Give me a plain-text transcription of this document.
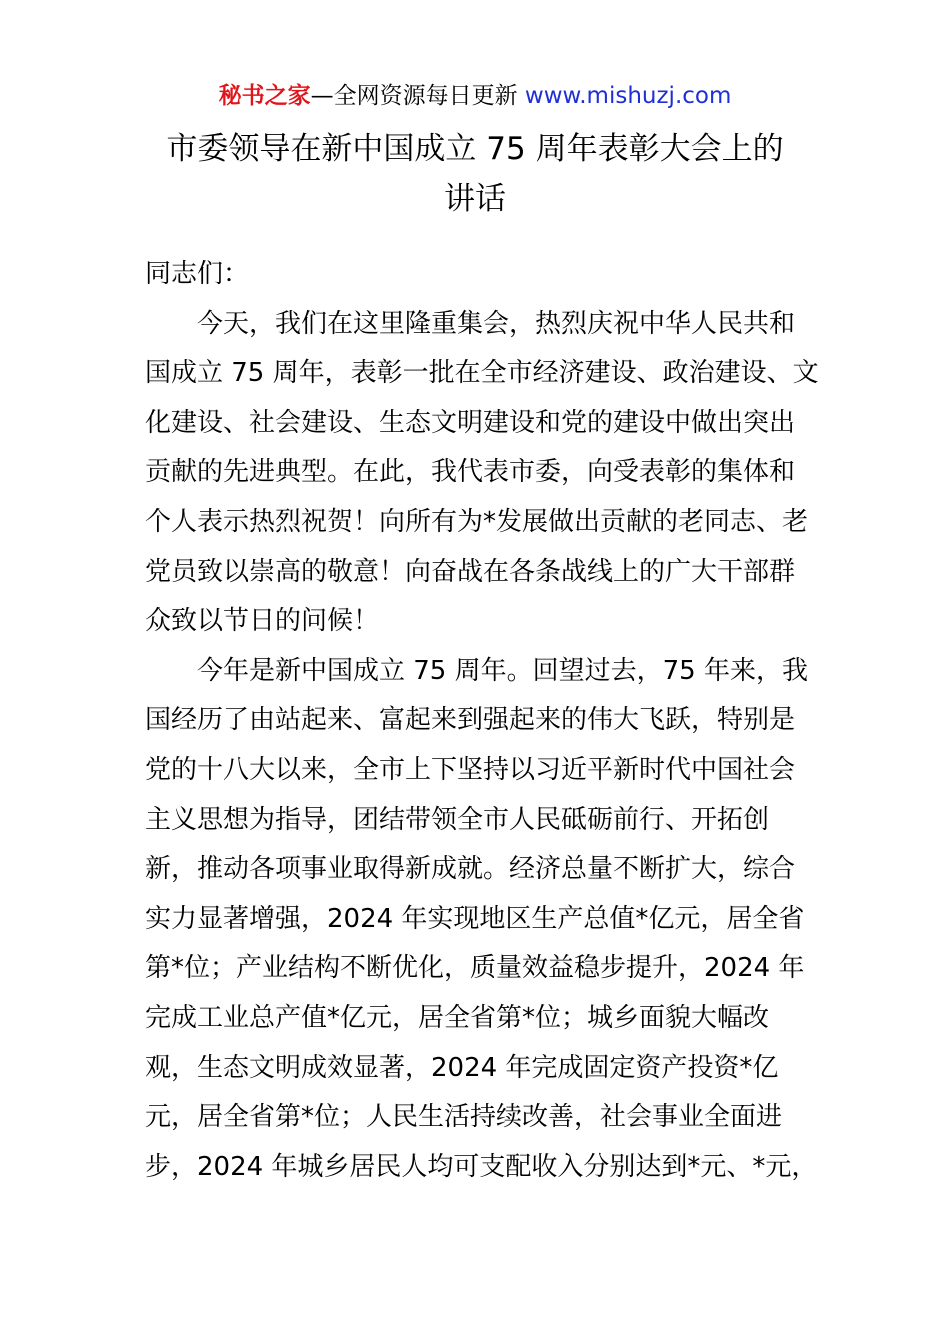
秘书之家—全网资源每日更新 www.mishuzj.com
市委领导在新中国成立 75 周年表彰大会上的
讲话

同志们：

今天，我们在这里隆重集会，热烈庆祝中华人民共和
国成立 75 周年，表彰一批在全市经济建设、政治建设、文
化建设、社会建设、生态文明建设和党的建设中做出突出
贡献的先进典型。在此，我代表市委，向受表彰的集体和
个人表示热烈祝贺！向所有为*发展做出贡献的老同志、老
党员致以崇高的敬意！向奋战在各条战线上的广大干部群
众致以节日的问候！

今年是新中国成立 75 周年。回望过去，75 年来，我
国经历了由站起来、富起来到强起来的伟大飞跃，特别是
党的十八大以来，全市上下坚持以习近平新时代中国社会
主义思想为指导，团结带领全市人民砥砺前行、开拓创
新，推动各项事业取得新成就。经济总量不断扩大，综合
实力显著增强，2024 年实现地区生产总值*亿元，居全省
第*位；产业结构不断优化，质量效益稳步提升，2024 年
完成工业总产值*亿元，居全省第*位；城乡面貌大幅改
观，生态文明成效显著，2024 年完成固定资产投资*亿
元，居全省第*位；人民生活持续改善，社会事业全面进
步，2024 年城乡居民人均可支配收入分别达到*元、*元，
